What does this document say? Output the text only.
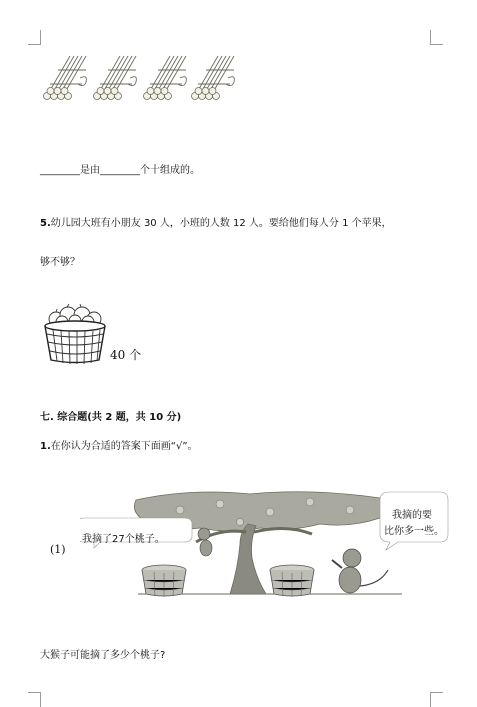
________是由________个十组成的。
5.幼儿园大班有小朋友 30 人，小班的人数 12 人。要给他们每人分 1 个苹果，
够不够？
40 个
七. 综合题(共 2 题，共 10 分)
1.在你认为合适的答案下面画“√”。
(1)
我摘了27个桃子。
我摘的要
比你多一些。
大猴子可能摘了多少个桃子?
